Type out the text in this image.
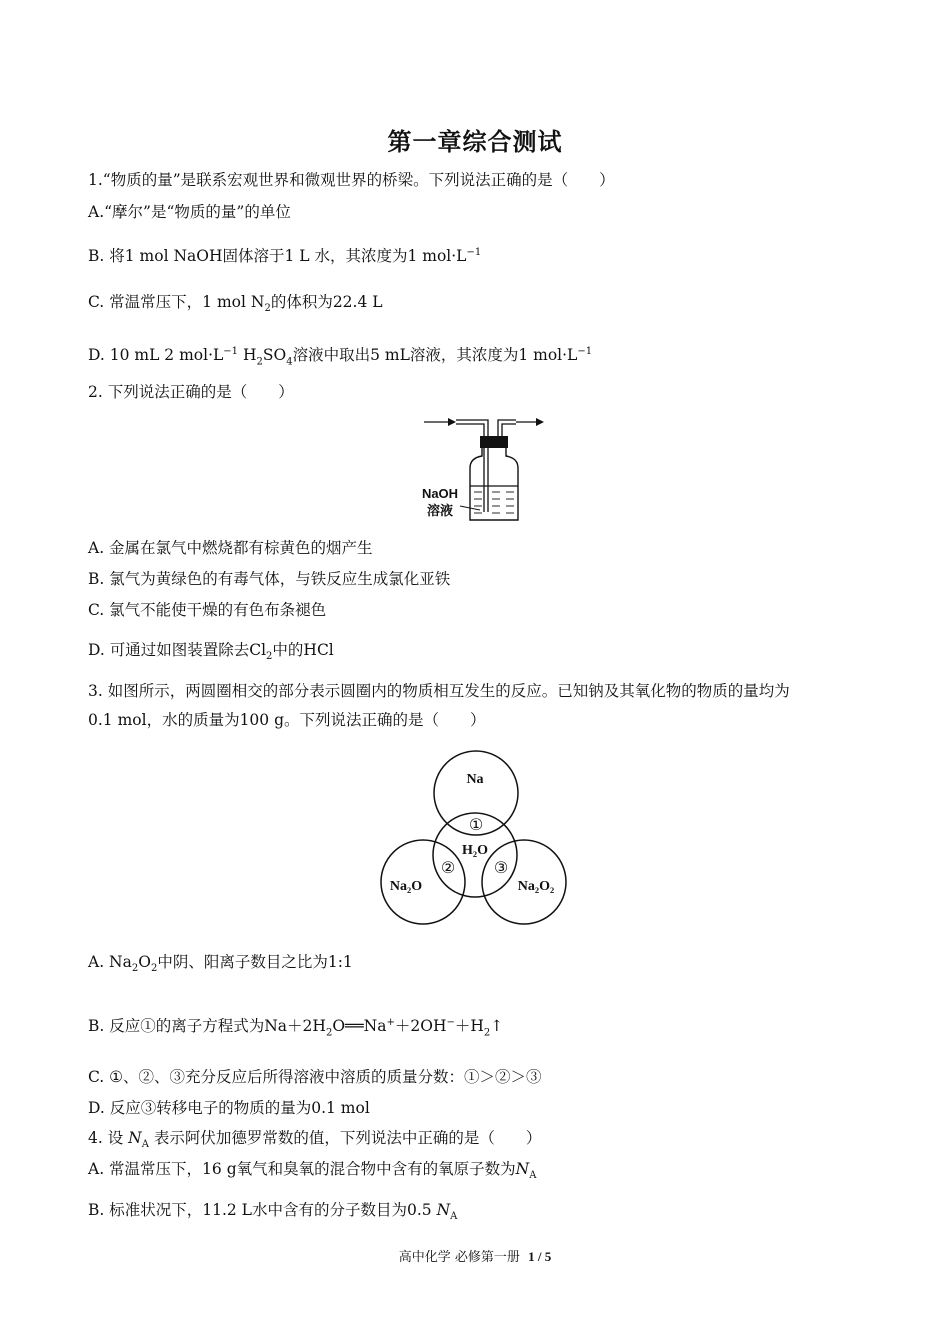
第一章综合测试
1.“物质的量”是联系宏观世界和微观世界的桥梁。下列说法正确的是（　　）
A.“摩尔”是“物质的量”的单位
B. 将1 mol NaOH固体溶于1 L 水，其浓度为1 $mol\cdot L^{-1}$
C. 常温常压下，1 mol $N_2$的体积为22.4 L
D. 10 mL 2 $mol\cdot L^{-1}$ $H_2SO_4$溶液中取出5 mL溶液，其浓度为1 $mol\cdot L^{-1}$
2. 下列说法正确的是（　　）
NaOH
溶液
A. 金属在氯气中燃烧都有棕黄色的烟产生
B. 氯气为黄绿色的有毒气体，与铁反应生成氯化亚铁
C. 氯气不能使干燥的有色布条褪色
D. 可通过如图装置除去$Cl_2$中的HCl
3. 如图所示，两圆圈相交的部分表示圆圈内的物质相互发生的反应。已知钠及其氧化物的物质的量均为
0.1 mol，水的质量为100 g。下列说法正确的是（　　）
Na
H₂O
Na₂O	Na₂O₂
①
② ③
A. $Na_2O_2$中阴、阳离子数目之比为1:1
B. 反应①的离子方程式为$Na+2H_2O══Na^++2OH^-+H_2↑$
C. ①、②、③充分反应后所得溶液中溶质的质量分数：①＞②＞③
D. 反应③转移电子的物质的量为0.1 mol
4. 设 $N_A$ 表示阿伏加德罗常数的值，下列说法中正确的是（　　）
A. 常温常压下，16 g氧气和臭氧的混合物中含有的氧原子数为$N_A$
B. 标准状况下，11.2 L水中含有的分子数目为0.5 $N_A$
高中化学 必修第一册 1 / 5
